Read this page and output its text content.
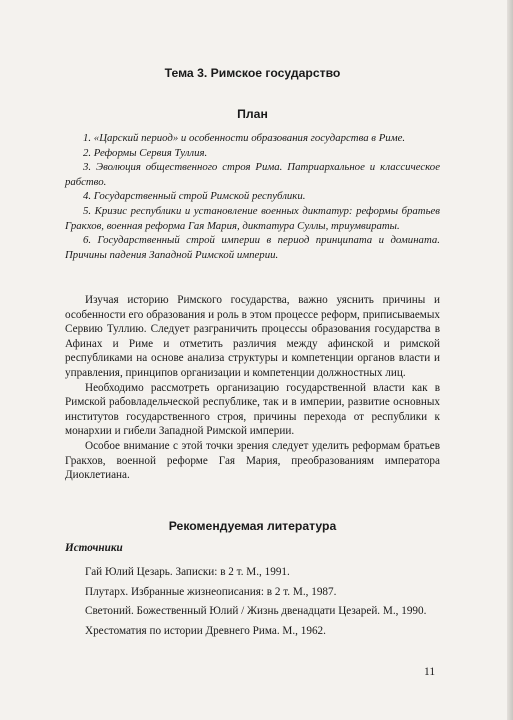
Тема 3. Римское государство
План
1. «Царский период» и особенности образования государства в Риме.
2. Реформы Сервия Туллия.
3. Эволюция общественного строя Рима. Патриархальное и классическое рабство.
4. Государственный строй Римской республики.
5. Кризис республики и установление военных диктатур: реформы братьев Гракхов, военная реформа Гая Мария, диктатура Суллы, триумвираты.
6. Государственный строй империи в период принципата и домината. Причины падения Западной Римской империи.

Изучая историю Римского государства, важно уяснить причины и особенности его образования и роль в этом процессе реформ, приписываемых Сервию Туллию. Следует разграничить процессы образования государства в Афинах и Риме и отметить различия между афинской и римской республиками на основе анализа структуры и компетенции органов власти и управления, принципов организации и компетенции должностных лиц.

Необходимо рассмотреть организацию государственной власти как в Римской рабовладельческой республике, так и в империи, развитие основных институтов государственного строя, причины перехода от республики к монархии и гибели Западной Римской империи.

Особое внимание с этой точки зрения следует уделить реформам братьев Гракхов, военной реформе Гая Мария, преобразованиям императора Диоклетиана.

Рекомендуемая литература

Источники

Гай Юлий Цезарь. Записки: в 2 т. М., 1991.
Плутарх. Избранные жизнеописания: в 2 т. М., 1987.
Светоний. Божественный Юлий / Жизнь двенадцати Цезарей. М., 1990.
Хрестоматия по истории Древнего Рима. М., 1962.
11
